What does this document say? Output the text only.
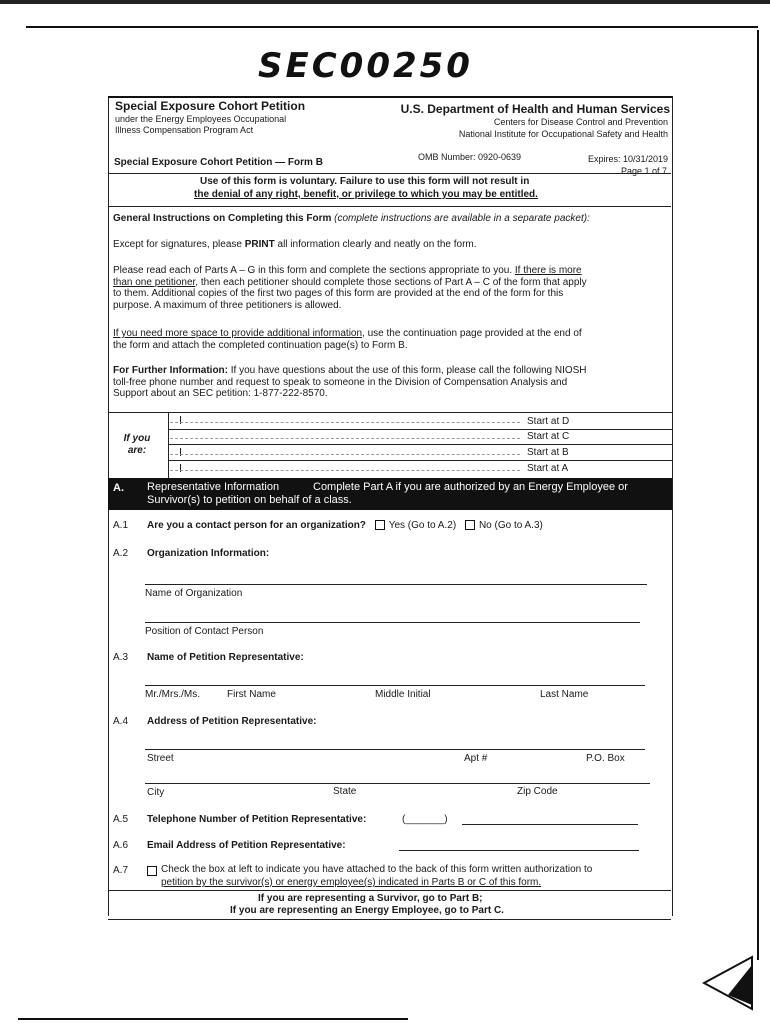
SEC00250
Special Exposure Cohort Petition
under the Energy Employees Occupational
Illness Compensation Program Act
U.S. Department of Health and Human Services
Centers for Disease Control and Prevention
National Institute for Occupational Safety and Health
Special Exposure Cohort Petition — Form B	OMB Number: 0920-0639	Expires: 10/31/2019
Page 1 of 7
Use of this form is voluntary. Failure to use this form will not result in
the denial of any right, benefit, or privilege to which you may be entitled.
General Instructions on Completing this Form (complete instructions are available in a separate packet):
Except for signatures, please PRINT all information clearly and neatly on the form.
Please read each of Parts A – G in this form and complete the sections appropriate to you. If there is more
than one petitioner, then each petitioner should complete those sections of Part A – C of the form that apply
to them. Additional copies of the first two pages of this form are provided at the end of the form for this
purpose. A maximum of three petitioners is allowed.
If you need more space to provide additional information, use the continuation page provided at the end of
the form and attach the completed continuation page(s) to Form B.
For Further Information: If you have questions about the use of this form, please call the following NIOSH
toll-free phone number and request to speak to someone in the Division of Compensation Analysis and
Support about an SEC petition: 1-877-222-8570.
If you
are:
Start at D
Start at C
Start at B
Start at A
A. Representative Information	Complete Part A if you are authorized by an Energy Employee or
Survivor(s) to petition on behalf of a class.
A.1 Are you a contact person for an organization? Yes (Go to A.2) No (Go to A.3)
A.2 Organization Information:
Name of Organization
Position of Contact Person
A.3 Name of Petition Representative:
Mr./Mrs./Ms.	First Name	Middle Initial	Last Name
A.4 Address of Petition Representative:
Street	Apt #	P.O. Box
City	State	Zip Code
A.5 Telephone Number of Petition Representative:	(_______)
A.6 Email Address of Petition Representative:
A.7	Check the box at left to indicate you have attached to the back of this form written authorization to
petition by the survivor(s) or energy employee(s) indicated in Parts B or C of this form.
If you are representing a Survivor, go to Part B;
If you are representing an Energy Employee, go to Part C.
